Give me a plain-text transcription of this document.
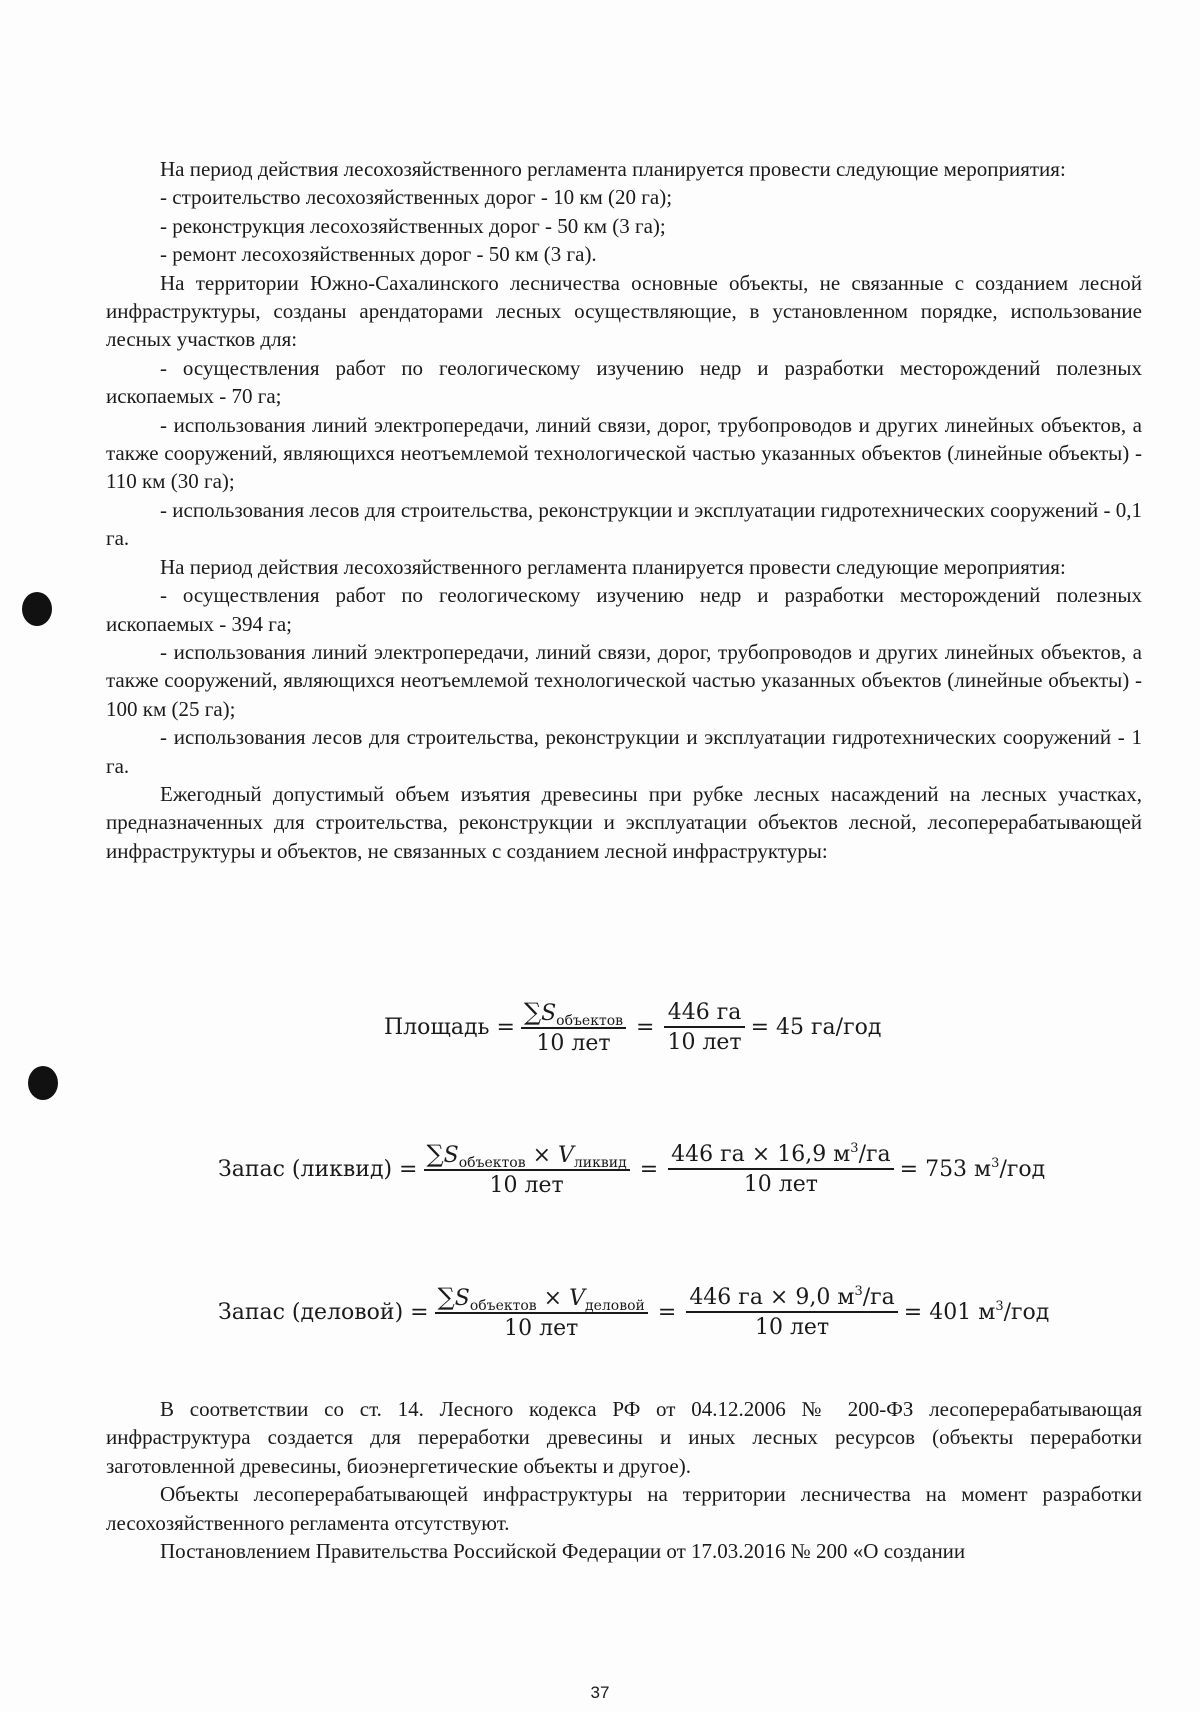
На период действия лесохозяйственного регламента планируется провести следующие мероприятия:

- строительство лесохозяйственных дорог - 10 км (20 га);

- реконструкция лесохозяйственных дорог - 50 км (3 га);

- ремонт лесохозяйственных дорог - 50 км (3 га).

На территории Южно-Сахалинского лесничества основные объекты, не связанные с созданием лесной инфраструктуры, созданы арендаторами лесных осуществляющие, в установленном порядке, использование лесных участков для:

- осуществления работ по геологическому изучению недр и разработки месторождений полезных ископаемых - 70 га;

- использования линий электропередачи, линий связи, дорог, трубопроводов и других линейных объектов, а также сооружений, являющихся неотъемлемой технологической частью указанных объектов (линейные объекты) - 110 км (30 га);

- использования лесов для строительства, реконструкции и эксплуатации гидротехнических сооружений - 0,1 га.

На период действия лесохозяйственного регламента планируется провести следующие мероприятия:

- осуществления работ по геологическому изучению недр и разработки месторождений полезных ископаемых - 394 га;

- использования линий электропередачи, линий связи, дорог, трубопроводов и других линейных объектов, а также сооружений, являющихся неотъемлемой технологической частью указанных объектов (линейные объекты) - 100 км (25 га);

- использования лесов для строительства, реконструкции и эксплуатации гидротехнических сооружений - 1 га.

Ежегодный допустимый объем изъятия древесины при рубке лесных насаждений на лесных участках, предназначенных для строительства, реконструкции и эксплуатации объектов лесной, лесоперерабатывающей инфраструктуры и объектов, не связанных с созданием лесной инфраструктуры:

Площадь = $\frac{\sum S_{объектов}}{\text{10 лет}} = \frac{446 га}{\text{10 лет}} = 45$ га/год
Запас (ликвид) = $\frac{\sum S_{объектов} \times V_{ликвид}}{\text{10 лет}} = \frac{446 га \times 16,9 м^3/га}{\text{10 лет}} = 753$ $м^3$/год
Запас (деловой) = $\frac{\sum S_{объектов} \times V_{деловой}}{\text{10 лет}} = \frac{446 га \times 9,0 м^3/га}{\text{10 лет}} = 401$ $м^3$/год

В соответствии со ст. 14. Лесного кодекса РФ от 04.12.2006 № 200-ФЗ лесоперерабатывающая инфраструктура создается для переработки древесины и иных лесных ресурсов (объекты переработки заготовленной древесины, биоэнергетические объекты и другое).

Объекты лесоперерабатывающей инфраструктуры на территории лесничества на момент разработки лесохозяйственного регламента отсутствуют.

Постановлением Правительства Российской Федерации от 17.03.2016 № 200 «О создании

37
